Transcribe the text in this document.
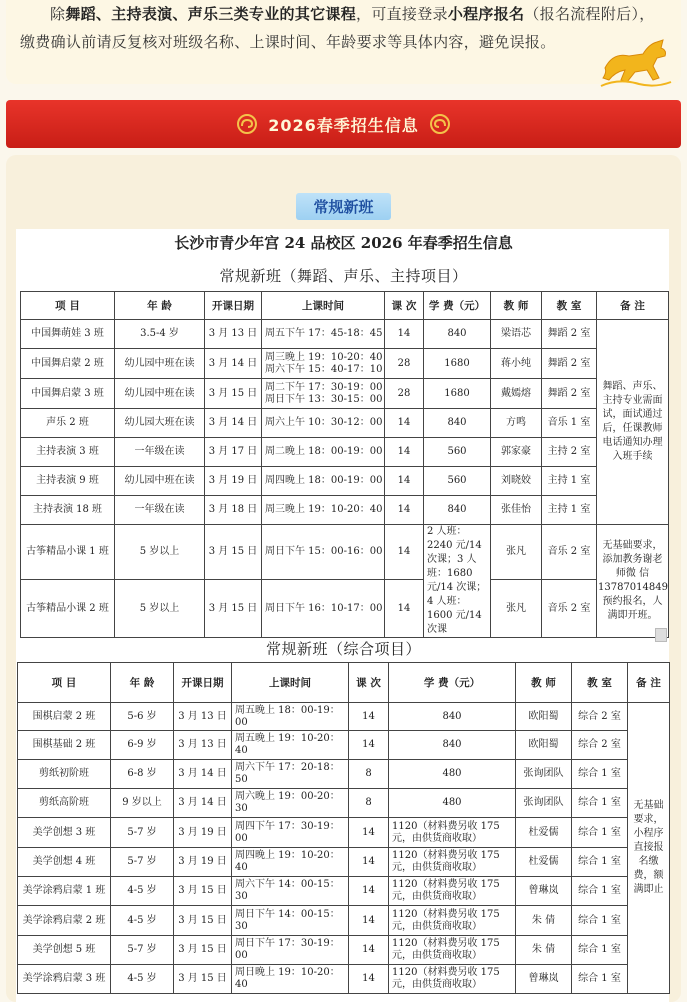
除舞蹈、主持表演、声乐三类专业的其它课程，可直接登录小程序报名（报名流程附后），缴费确认前请反复核对班级名称、上课时间、年龄要求等具体内容，避免误报。

2026春季招生信息
常规新班
长沙市青少年宫 24 品校区 2026 年春季招生信息
常规新班（舞蹈、声乐、主持项目）
项 目	年 龄	开课日期	上课时间	课 次	学 费（元）	教 师	教 室	备 注
中国舞萌娃 3 班	3.5-4 岁	3 月 13 日	周五下午 17：45-18：45	14	840	梁语芯	舞蹈 2 室	舞蹈、声乐、主持专业需面试，面试通过后，任课教师电话通知办理入班手续
中国舞启蒙 2 班	幼儿园中班在读	3 月 14 日	周三晚上 19：10-20：40
周六下午 15：40-17：10	28	1680	蒋小纯	舞蹈 2 室	
中国舞启蒙 3 班	幼儿园中班在读	3 月 15 日	周二下午 17：30-19：00
周日下午 13：30-15：00	28	1680	戴嫣熔	舞蹈 2 室	
声乐 2 班	幼儿园大班在读	3 月 14 日	周六上午 10：30-12：00	14	840	方鸣	音乐 1 室	
主持表演 3 班	一年级在读	3 月 17 日	周二晚上 18：00-19：00	14	560	郭家豪	主持 2 室	
主持表演 9 班	幼儿园中班在读	3 月 19 日	周四晚上 18：00-19：00	14	560	刘晓姣	主持 1 室	
主持表演 18 班	一年级在读	3 月 18 日	周三晚上 19：10-20：40	14	840	张佳怡	主持 1 室	
古筝精品小课 1 班	5 岁以上	3 月 15 日	周日下午 15：00-16：00	14	2 人班：2240 元/14 次课；3 人班：1680 元/14 次课；4 人班：1600 元/14 次课	张凡	音乐 2 室	无基础要求，添加教务谢老师微 信 13787014849 预约报名，人满即开班。
古筝精品小课 2 班	5 岁以上	3 月 15 日	周日下午 16：10-17：00	14		张凡	音乐 2 室	
常规新班（综合项目）
项 目	年 龄	开课日期	上课时间	课 次	学 费（元）	教 师	教 室	备 注
围棋启蒙 2 班	5-6 岁	3 月 13 日	周五晚上 18：00-19：00	14	840	欧阳蜀	综合 2 室	无基础要求，小程序直接报名缴费，额满即止
围棋基础 2 班	6-9 岁	3 月 13 日	周五晚上 19：10-20：40	14	840	欧阳蜀	综合 2 室	
剪纸初阶班	6-8 岁	3 月 14 日	周六下午 17：20-18：50	8	480	张询团队	综合 1 室	
剪纸高阶班	9 岁以上	3 月 14 日	周六晚上 19：00-20：30	8	480	张询团队	综合 1 室	
美学创想 3 班	5-7 岁	3 月 19 日	周四下午 17：30-19：00	14	1120（材料费另收 175 元，由供货商收取）	杜爱儒	综合 1 室	
美学创想 4 班	5-7 岁	3 月 19 日	周四晚上 19：10-20：40	14	1120（材料费另收 175 元，由供货商收取）	杜爱儒	综合 1 室	
美学涂鸦启蒙 1 班	4-5 岁	3 月 15 日	周六下午 14：00-15：30	14	1120（材料费另收 175 元，由供货商收取）	曾琳岚	综合 1 室	
美学涂鸦启蒙 2 班	4-5 岁	3 月 15 日	周日下午 14：00-15：30	14	1120（材料费另收 175 元，由供货商收取）	朱 倩	综合 1 室	
美学创想 5 班	5-7 岁	3 月 15 日	周日下午 17：30-19：00	14	1120（材料费另收 175 元，由供货商收取）	朱 倩	综合 1 室	
美学涂鸦启蒙 3 班	4-5 岁	3 月 15 日	周日晚上 19：10-20：40	14	1120（材料费另收 175 元，由供货商收取）	曾琳岚	综合 1 室	
